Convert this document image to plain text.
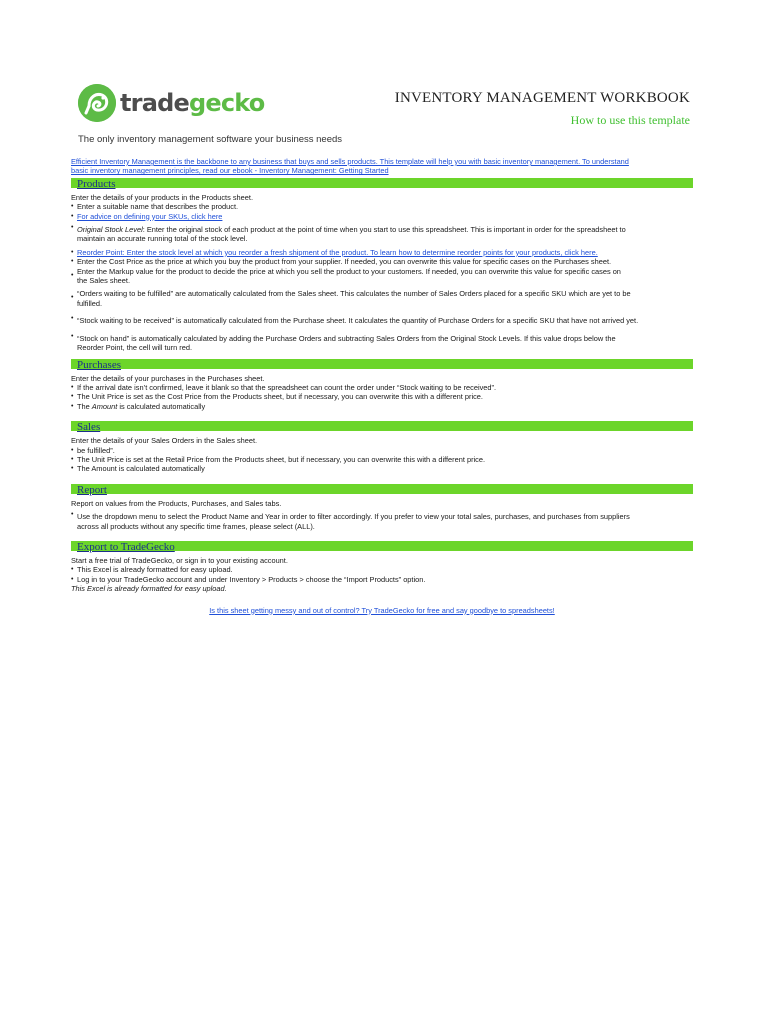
tradegecko	INVENTORY MANAGEMENT WORKBOOK
How to use this template
The only inventory management software your business needs
Efficient Inventory Management is the backbone to any business that buys and sells products. This template will help you with basic inventory management. To understand
basic inventory management principles, read our ebook - Inventory Management: Getting Started
Products
Enter the details of your products in the Products sheet.
• Enter a suitable name that describes the product.
• For advice on defining your SKUs, click here
• Original Stock Level: Enter the original stock of each product at the point of time when you start to use this spreadsheet. This is important in order for the spreadsheet to
maintain an accurate running total of the stock level.
• Reorder Point: Enter the stock level at which you reorder a fresh shipment of the product. To learn how to determine reorder points for your products, click here.
• Enter the Cost Price as the price at which you buy the product from your supplier. If needed, you can overwrite this value for specific cases on the Purchases sheet.
• Enter the Markup value for the product to decide the price at which you sell the product to your customers. If needed, you can overwrite this value for specific cases on
the Sales sheet.
• “Orders waiting to be fulfilled” are automatically calculated from the Sales sheet. This calculates the number of Sales Orders placed for a specific SKU which are yet to be
fulfilled.
• “Stock waiting to be received” is automatically calculated from the Purchase sheet. It calculates the quantity of Purchase Orders for a specific SKU that have not arrived yet.
• “Stock on hand” is automatically calculated by adding the Purchase Orders and subtracting Sales Orders from the Original Stock Levels. If this value drops below the
Reorder Point, the cell will turn red.
Purchases
Enter the details of your purchases in the Purchases sheet.
• If the arrival date isn’t confirmed, leave it blank so that the spreadsheet can count the order under “Stock waiting to be received”.
• The Unit Price is set as the Cost Price from the Products sheet, but if necessary, you can overwrite this with a different price.
• The Amount is calculated automatically
Sales
Enter the details of your Sales Orders in the Sales sheet.
• be fulfilled”.
• The Unit Price is set at the Retail Price from the Products sheet, but if necessary, you can overwrite this with a different price.
• The Amount is calculated automatically
Report
Report on values from the Products, Purchases, and Sales tabs.
• Use the dropdown menu to select the Product Name and Year in order to filter accordingly. If you prefer to view your total sales, purchases, and purchases from suppliers
across all products without any specific time frames, please select (ALL).
Export to TradeGecko
Start a free trial of TradeGecko, or sign in to your existing account.
• This Excel is already formatted for easy upload.
• Log in to your TradeGecko account and under Inventory > Products > choose the “Import Products” option.
This Excel is already formatted for easy upload.
Is this sheet getting messy and out of control? Try TradeGecko for free and say goodbye to spreadsheets!
